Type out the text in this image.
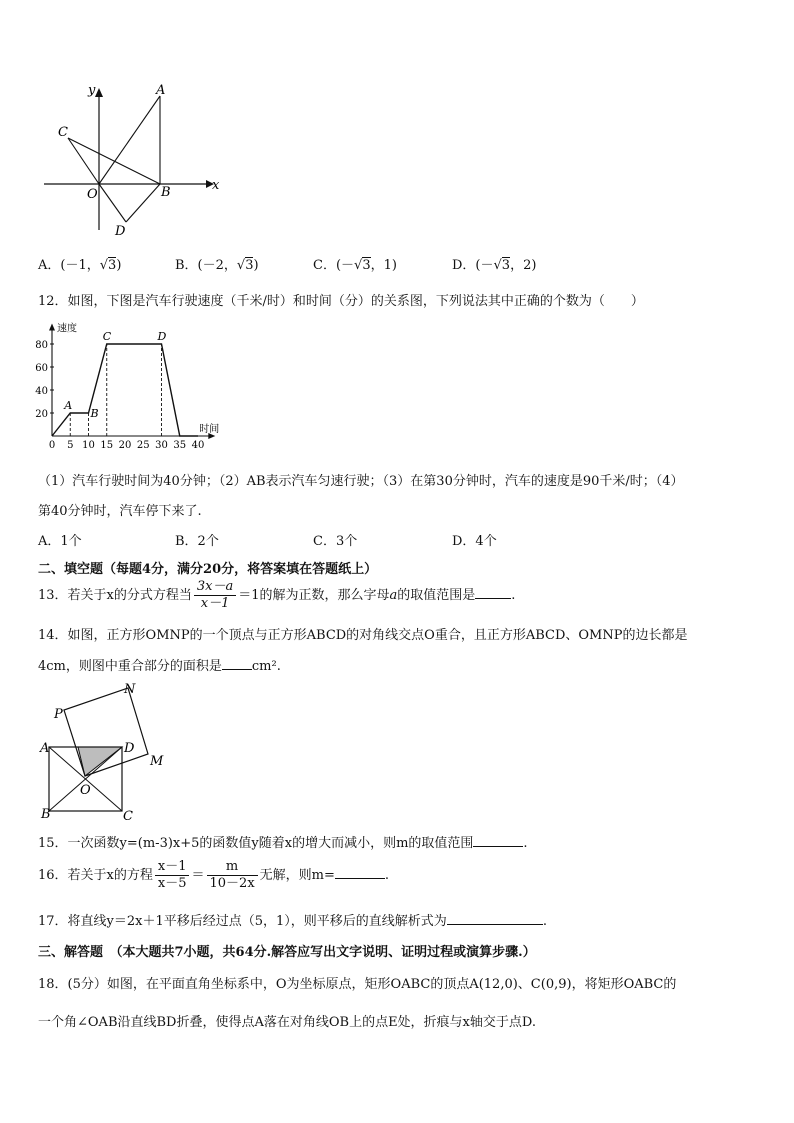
y
x
A
C
O	B
D
A．(－1，√3)	B．(－2，√3)	C．(－√3，1)	D．(－√3，2)
12．如图，下图是汽车行驶速度（千米/时）和时间（分）的关系图，下列说法其中正确的个数为（　　）
速度
时间
0 5 10 15 20 25 30 35 40
20
40
60
80
A
B
C	D
（1）汽车行驶时间为40分钟；（2）AB表示汽车匀速行驶；（3）在第30分钟时，汽车的速度是90千米/时；（4）
第40分钟时，汽车停下来了.
A．1个	B．2个	C．3个	D．4个
二、填空题（每题4分，满分20分，将答案填在答题纸上）
13．若关于x的分式方程当 $\frac{3x-a}{x-1} =1$的解为正数，那么字母a的取值范围是	.
14．如图，正方形OMNP的一个顶点与正方形ABCD的对角线交点O重合，且正方形ABCD、OMNP的边长都是
4cm，则图中重合部分的面积是 cm².
P
N
A	D
M
O
B	C
15．一次函数y=(m-3)x+5的函数值y随着x的增大而减小，则m的取值范围	.
16．若关于x的方程 $\frac{x-1}{x-5} = \frac{m}{10-2x}$ 无解，则m=	.
17．将直线y＝2x＋1平移后经过点（5，1），则平移后的直线解析式为	.
三、解答题　（本大题共7小题，共64分.解答应写出文字说明、证明过程或演算步骤.）
18．(5分）如图，在平面直角坐标系中，O为坐标原点，矩形OABC的顶点A(12,0)、C(0,9)，将矩形OABC的
一个角∠OAB沿直线BD折叠，使得点A落在对角线OB上的点E处，折痕与x轴交于点D.
